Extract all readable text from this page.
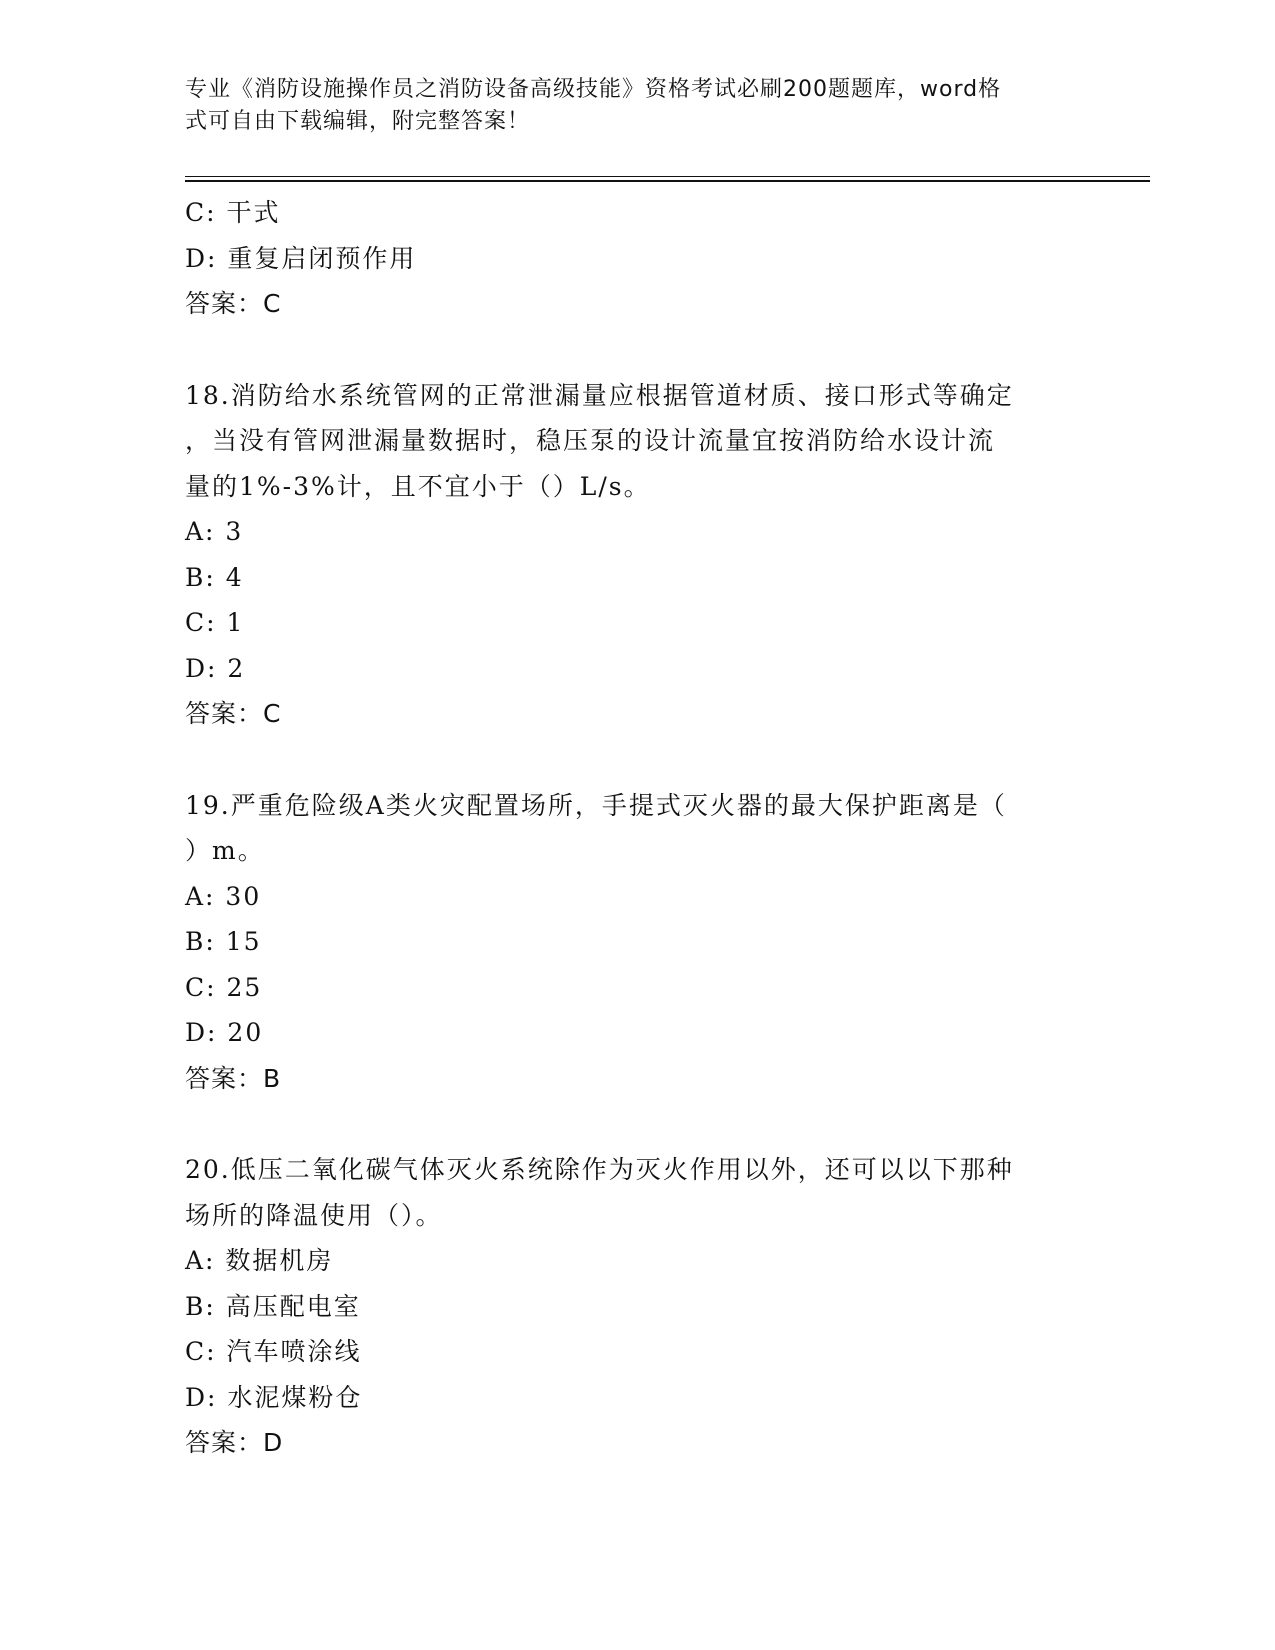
专业《消防设施操作员之消防设备高级技能》资格考试必刷200题题库，word格
式可自由下载编辑，附完整答案！
C: 干式
D: 重复启闭预作用
答案：C
18.消防给水系统管网的正常泄漏量应根据管道材质、接口形式等确定
，当没有管网泄漏量数据时，稳压泵的设计流量宜按消防给水设计流
量的1%-3%计，且不宜小于（）L/s。
A: 3
B: 4
C: 1
D: 2
答案：C
19.严重危险级A类火灾配置场所，手提式灭火器的最大保护距离是（
）m。
A: 30
B: 15
C: 25
D: 20
答案：B
20.低压二氧化碳气体灭火系统除作为灭火作用以外，还可以以下那种
场所的降温使用（）。
A: 数据机房
B: 高压配电室
C: 汽车喷涂线
D: 水泥煤粉仓
答案：D
